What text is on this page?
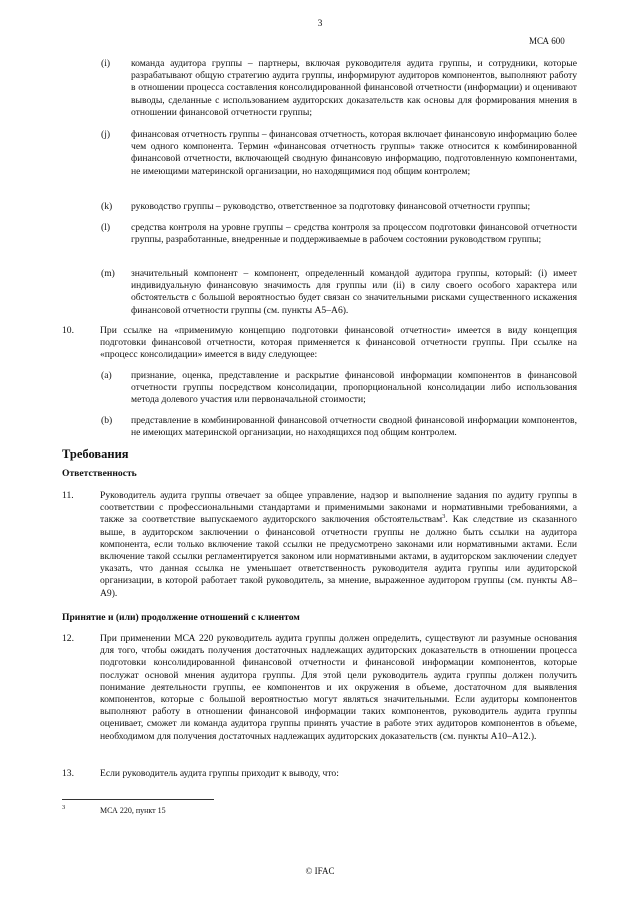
3
МСА 600
(i) команда аудитора группы – партнеры, включая руководителя аудита группы, и сотрудники, которые разрабатывают общую стратегию аудита группы, информируют аудиторов компонентов, выполняют работу в отношении процесса составления консолидированной финансовой отчетности (информации) и оценивают выводы, сделанные с использованием аудиторских доказательств как основы для формирования мнения в отношении финансовой отчетности группы;
(j) финансовая отчетность группы – финансовая отчетность, которая включает финансовую информацию более чем одного компонента. Термин «финансовая отчетность группы» также относится к комбинированной финансовой отчетности, включающей сводную финансовую информацию, подготовленную компонентами, не имеющими материнской организации, но находящимися под общим контролем;
(k) руководство группы – руководство, ответственное за подготовку финансовой отчетности группы;
(l) средства контроля на уровне группы – средства контроля за процессом подготовки финансовой отчетности группы, разработанные, внедренные и поддерживаемые в рабочем состоянии руководством группы;
(m) значительный компонент – компонент, определенный командой аудитора группы, который: (i) имеет индивидуальную финансовую значимость для группы или (ii) в силу своего особого характера или обстоятельств с большой вероятностью будет связан со значительными рисками существенного искажения финансовой отчетности группы (см. пункты A5–A6).
10.	При ссылке на «применимую концепцию подготовки финансовой отчетности» имеется в виду концепция подготовки финансовой отчетности, которая применяется к финансовой отчетности группы. При ссылке на «процесс консолидации» имеется в виду следующее:
(a) признание, оценка, представление и раскрытие финансовой информации компонентов в финансовой отчетности группы посредством консолидации, пропорциональной консолидации либо использования метода долевого участия или первоначальной стоимости;
(b) представление в комбинированной финансовой отчетности сводной финансовой информации компонентов, не имеющих материнской организации, но находящихся под общим контролем.
Требования
Ответственность
11.	Руководитель аудита группы отвечает за общее управление, надзор и выполнение задания по аудиту группы в соответствии с профессиональными стандартами и применимыми законами и нормативными требованиями, а также за соответствие выпускаемого аудиторского заключения обстоятельствам$^3$. Как следствие из сказанного выше, в аудиторском заключении о финансовой отчетности группы не должно быть ссылки на аудитора компонента, если только включение такой ссылки не предусмотрено законами или нормативными актами. Если включение такой ссылки регламентируется законом или нормативными актами, в аудиторском заключении следует указать, что данная ссылка не уменьшает ответственность руководителя аудита группы или аудиторской организации, в которой работает такой руководитель, за мнение, выраженное аудитором группы (см. пункты A8–A9).
Принятие и (или) продолжение отношений с клиентом
12.	При применении МСА 220 руководитель аудита группы должен определить, существуют ли разумные основания для того, чтобы ожидать получения достаточных надлежащих аудиторских доказательств в отношении процесса подготовки консолидированной финансовой отчетности и финансовой информации компонентов, которые послужат основой мнения аудитора группы. Для этой цели руководитель аудита группы должен получить понимание деятельности группы, ее компонентов и их окружения в объеме, достаточном для выявления компонентов, которые с большой вероятностью могут являться значительными. Если аудиторы компонентов выполняют работу в отношении финансовой информации таких компонентов, руководитель аудита группы оценивает, сможет ли команда аудитора группы принять участие в работе этих аудиторов компонентов в объеме, необходимом для получения достаточных надлежащих аудиторских доказательств (см. пункты A10–A12.).
13.	Если руководитель аудита группы приходит к выводу, что:
3	МСА 220, пункт 15
© IFAC
